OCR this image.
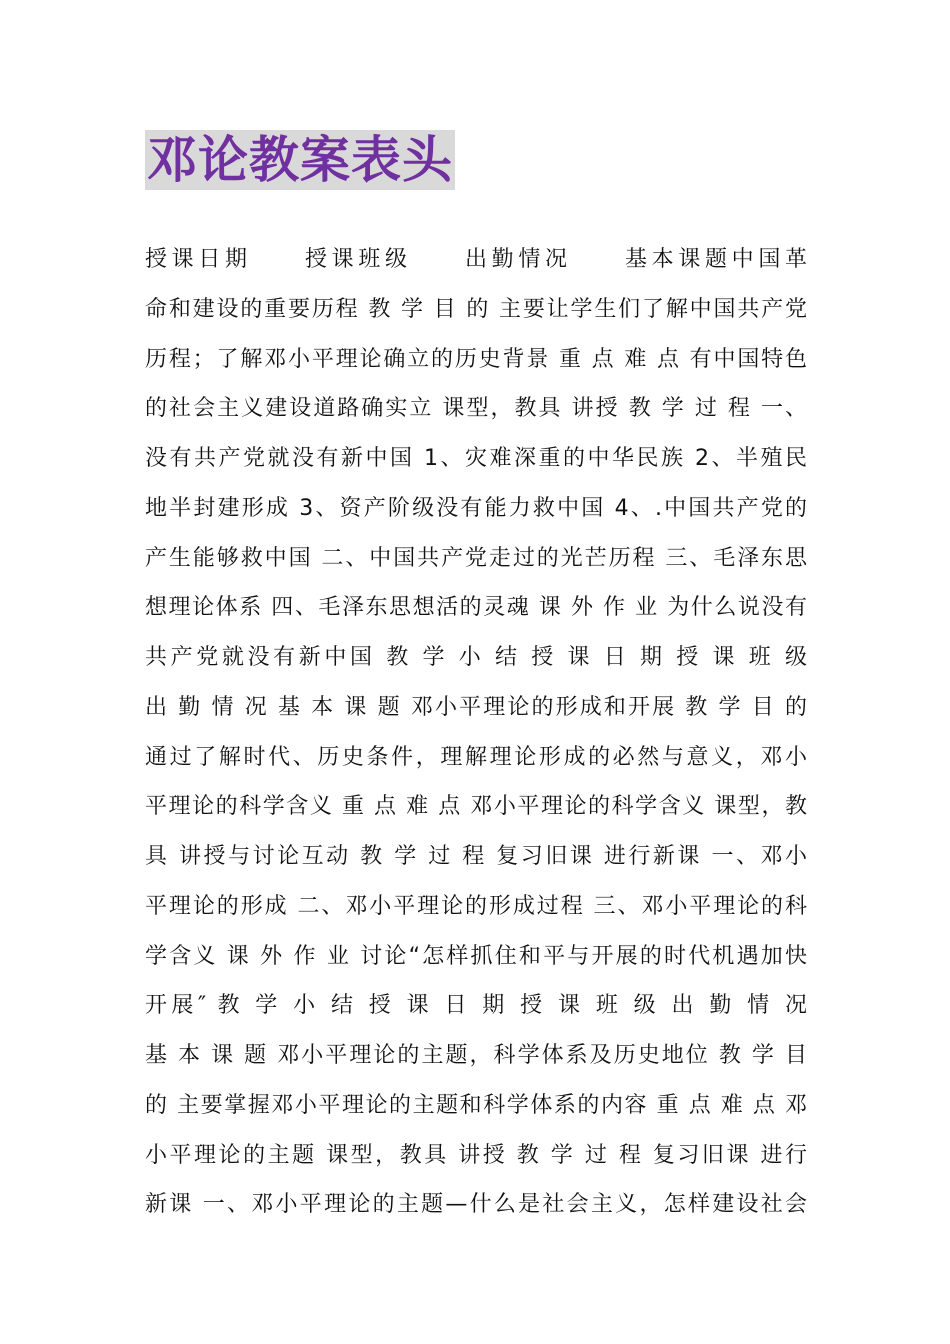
邓论教案表头
授课日期　　授课班级　　出勤情况　　基本课题中国革
命和建设的重要历程 教 学 目 的 主要让学生们了解中国共产党
历程；了解邓小平理论确立的历史背景 重 点 难 点 有中国特色
的社会主义建设道路确实立 课型，教具 讲授 教 学 过 程 一、
没有共产党就没有新中国 1、灾难深重的中华民族 2、半殖民
地半封建形成 3、资产阶级没有能力救中国 4、.中国共产党的
产生能够救中国 二、中国共产党走过的光芒历程 三、毛泽东思
想理论体系 四、毛泽东思想活的灵魂 课 外 作 业 为什么说没有
共产党就没有新中国 教 学 小 结 授 课 日 期 授 课 班 级
出 勤 情 况 基 本 课 题 邓小平理论的形成和开展 教 学 目 的
通过了解时代、历史条件，理解理论形成的必然与意义，邓小
平理论的科学含义 重 点 难 点 邓小平理论的科学含义 课型，教
具 讲授与讨论互动 教 学 过 程 复习旧课 进行新课 一、邓小
平理论的形成 二、邓小平理论的形成过程 三、邓小平理论的科
学含义 课 外 作 业 讨论“怎样抓住和平与开展的时代机遇加快
开展″ 教 学 小 结 授 课 日 期 授 课 班 级 出 勤 情 况
基 本 课 题 邓小平理论的主题，科学体系及历史地位 教 学 目
的 主要掌握邓小平理论的主题和科学体系的内容 重 点 难 点 邓
小平理论的主题 课型，教具 讲授 教 学 过 程 复习旧课 进行
新课 一、邓小平理论的主题—什么是社会主义，怎样建设社会
